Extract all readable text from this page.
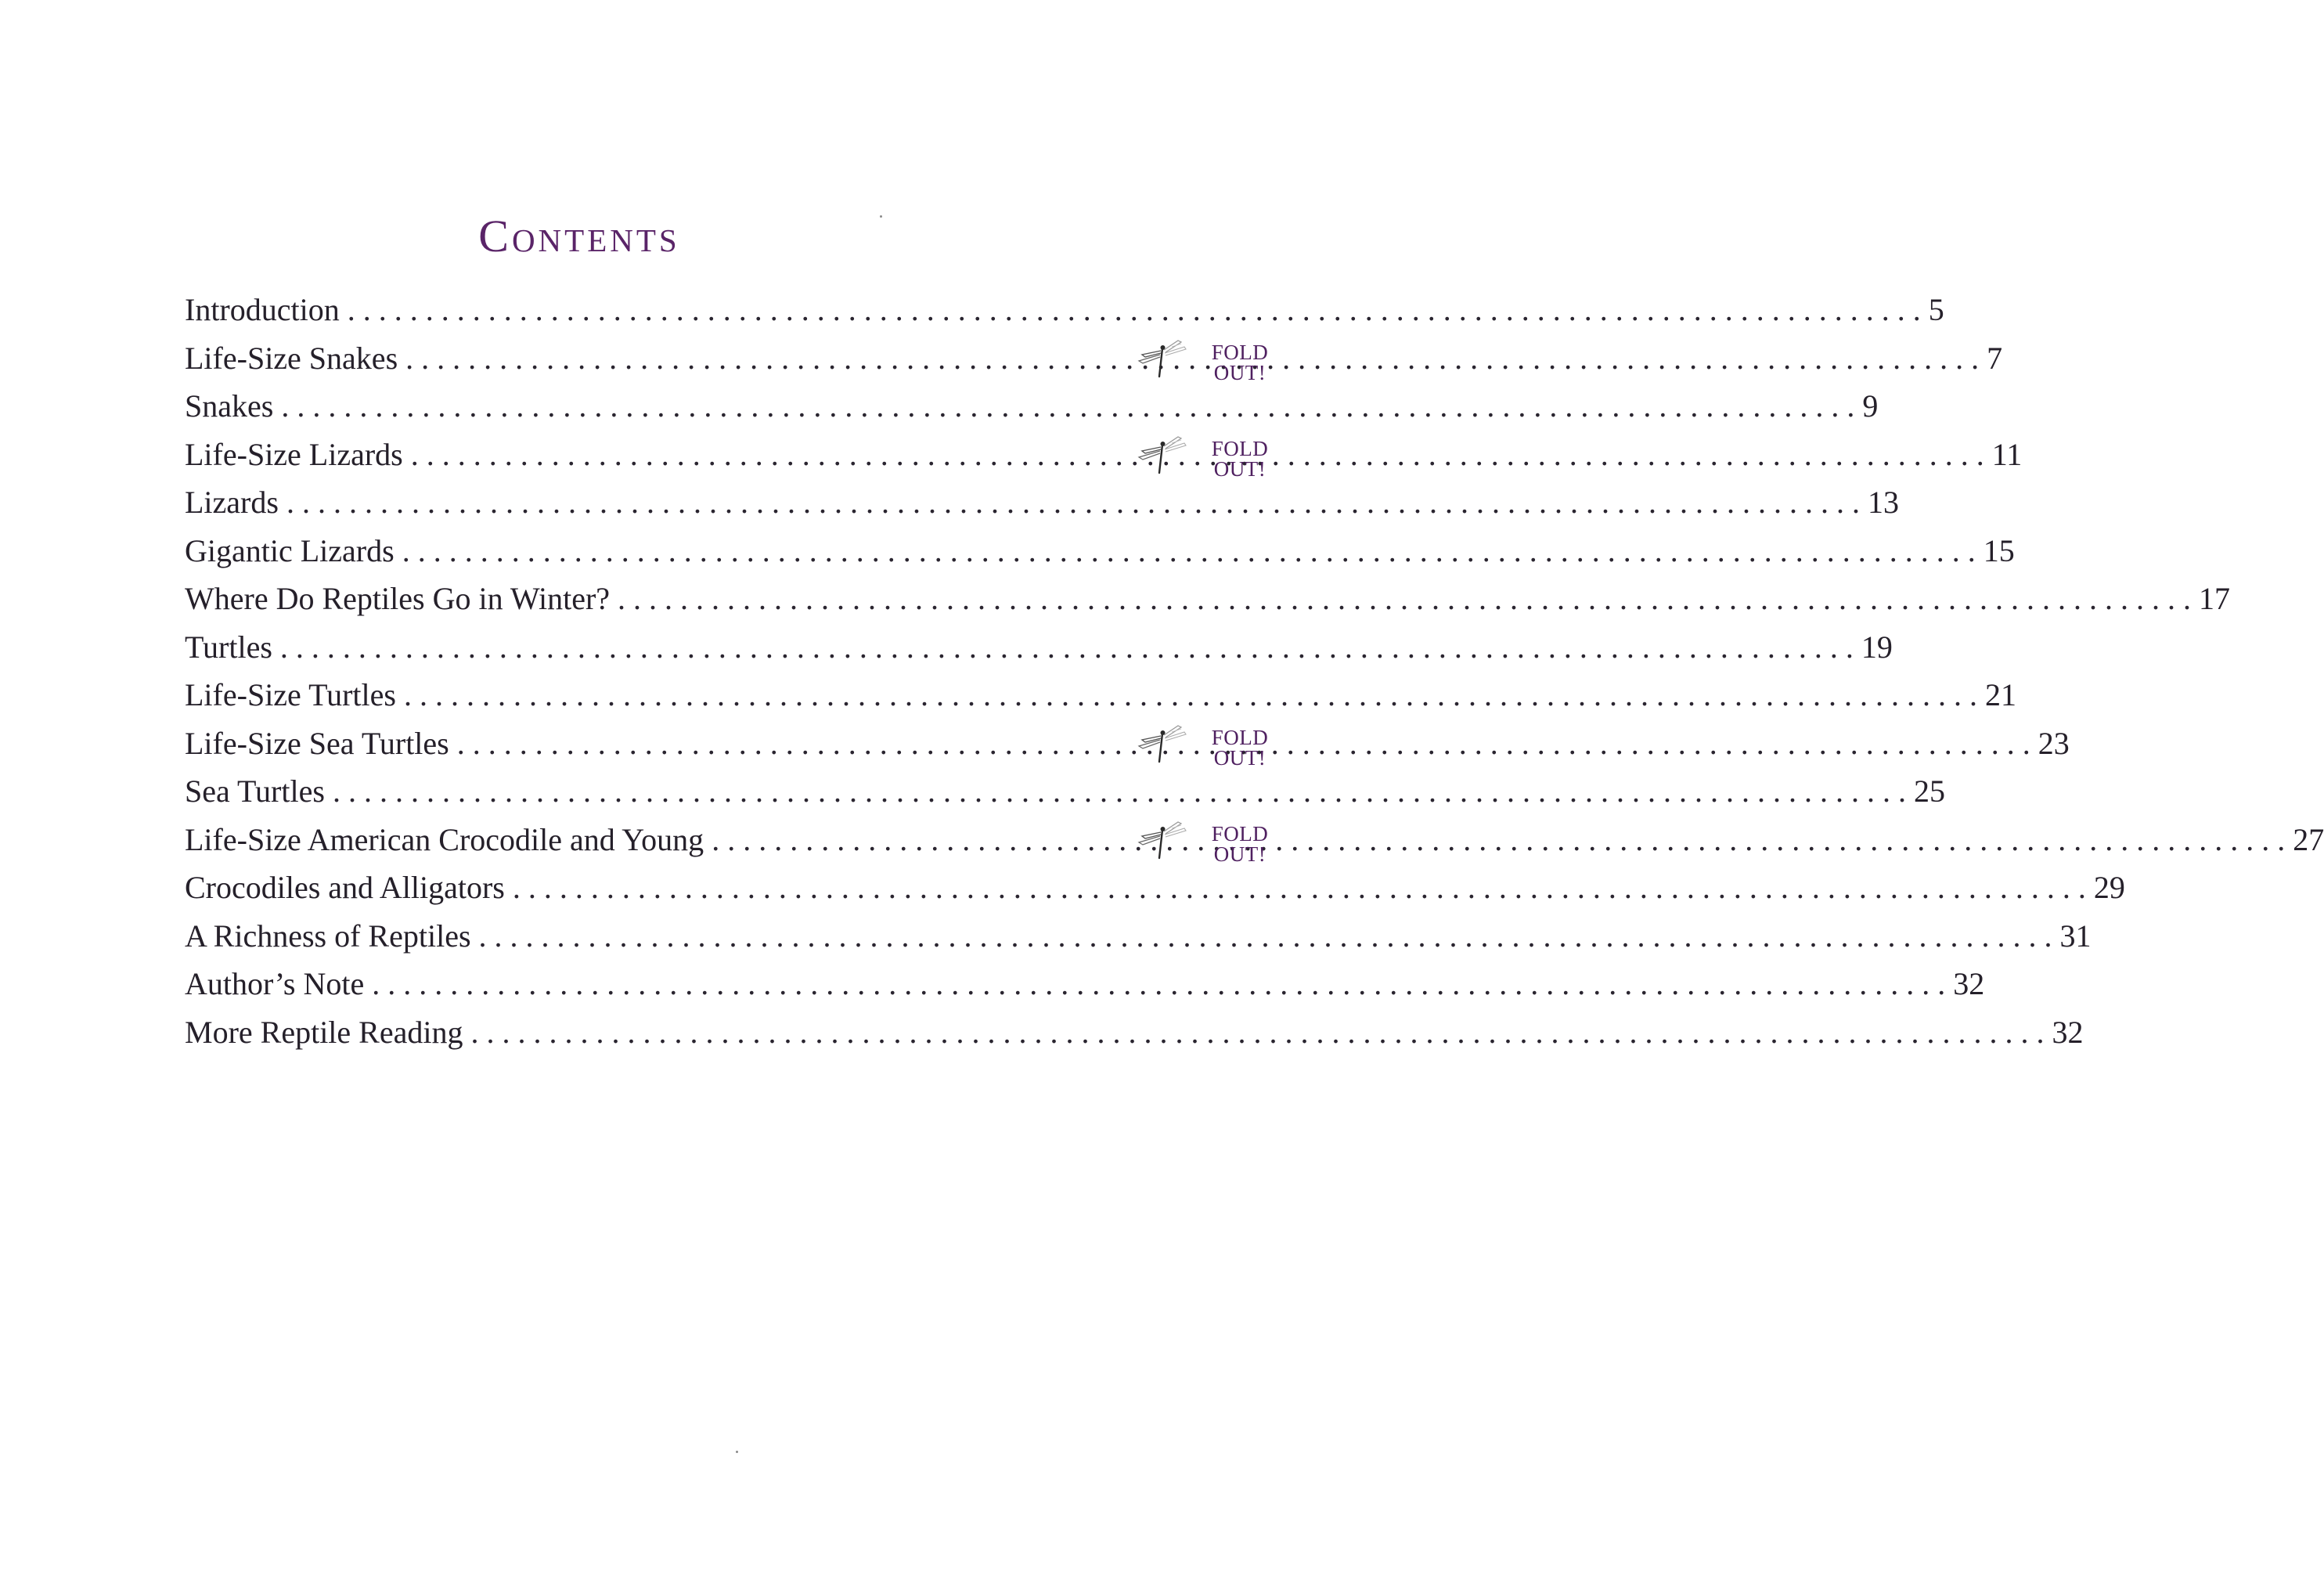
Contents
Introduction . . .	5
Life-Size Snakes . . .	7
FOLD
OUT!
Snakes . . .	9
Life-Size Lizards . . .	11
FOLD
OUT!
Lizards . . .	13
Gigantic Lizards . . .	15
Where Do Reptiles Go in Winter? . . .	17
Turtles . . .	19
Life-Size Turtles . . .	21
Life-Size Sea Turtles . . .	23
FOLD
OUT!
Sea Turtles . . .	25
Life-Size American Crocodile and Young . . .	27
FOLD
OUT!
Crocodiles and Alligators . . .	29
A Richness of Reptiles . . .	31
Author’s Note . . .	32
More Reptile Reading . . .	32
